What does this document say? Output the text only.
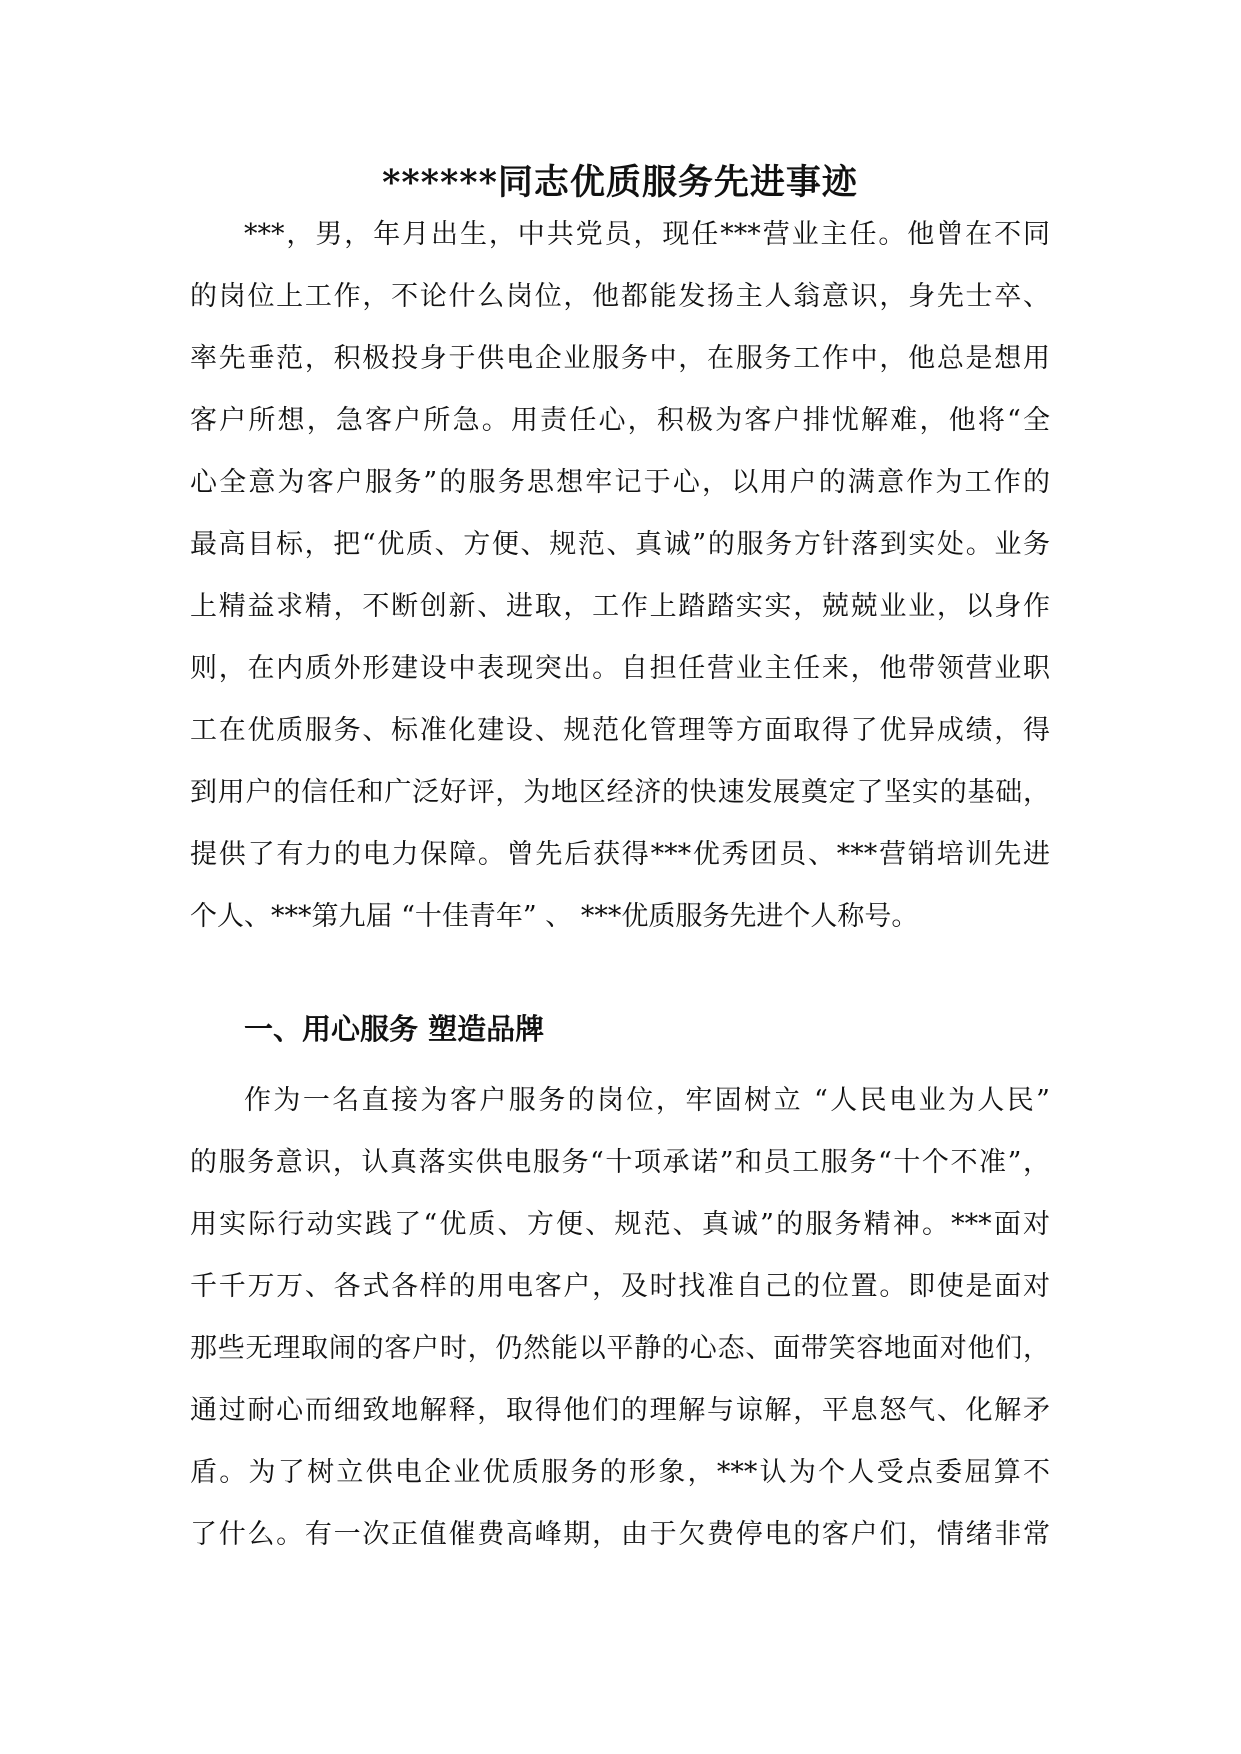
******同志优质服务先进事迹
***，男，年月出生，中共党员，现任***营业主任。他曾在不同
的岗位上工作，不论什么岗位，他都能发扬主人翁意识，身先士卒、
率先垂范，积极投身于供电企业服务中，在服务工作中，他总是想用
客户所想，急客户所急。用责任心，积极为客户排忧解难，他将“全
心全意为客户服务”的服务思想牢记于心，以用户的满意作为工作的
最高目标，把“优质、方便、规范、真诚”的服务方针落到实处。业务
上精益求精，不断创新、进取，工作上踏踏实实，兢兢业业，以身作
则，在内质外形建设中表现突出。自担任营业主任来，他带领营业职
工在优质服务、标准化建设、规范化管理等方面取得了优异成绩，得
到用户的信任和广泛好评，为地区经济的快速发展奠定了坚实的基础，
提供了有力的电力保障。曾先后获得***优秀团员、***营销培训先进
个人、***第九届 “十佳青年” 、 ***优质服务先进个人称号。
一、用心服务 塑造品牌
作为一名直接为客户服务的岗位，牢固树立 “人民电业为人民”
的服务意识，认真落实供电服务“十项承诺”和员工服务“十个不准”，
用实际行动实践了“优质、方便、规范、真诚”的服务精神。***面对
千千万万、各式各样的用电客户，及时找准自己的位置。即使是面对
那些无理取闹的客户时，仍然能以平静的心态、面带笑容地面对他们，
通过耐心而细致地解释，取得他们的理解与谅解，平息怒气、化解矛
盾。为了树立供电企业优质服务的形象，***认为个人受点委屈算不
了什么。有一次正值催费高峰期，由于欠费停电的客户们，情绪非常
